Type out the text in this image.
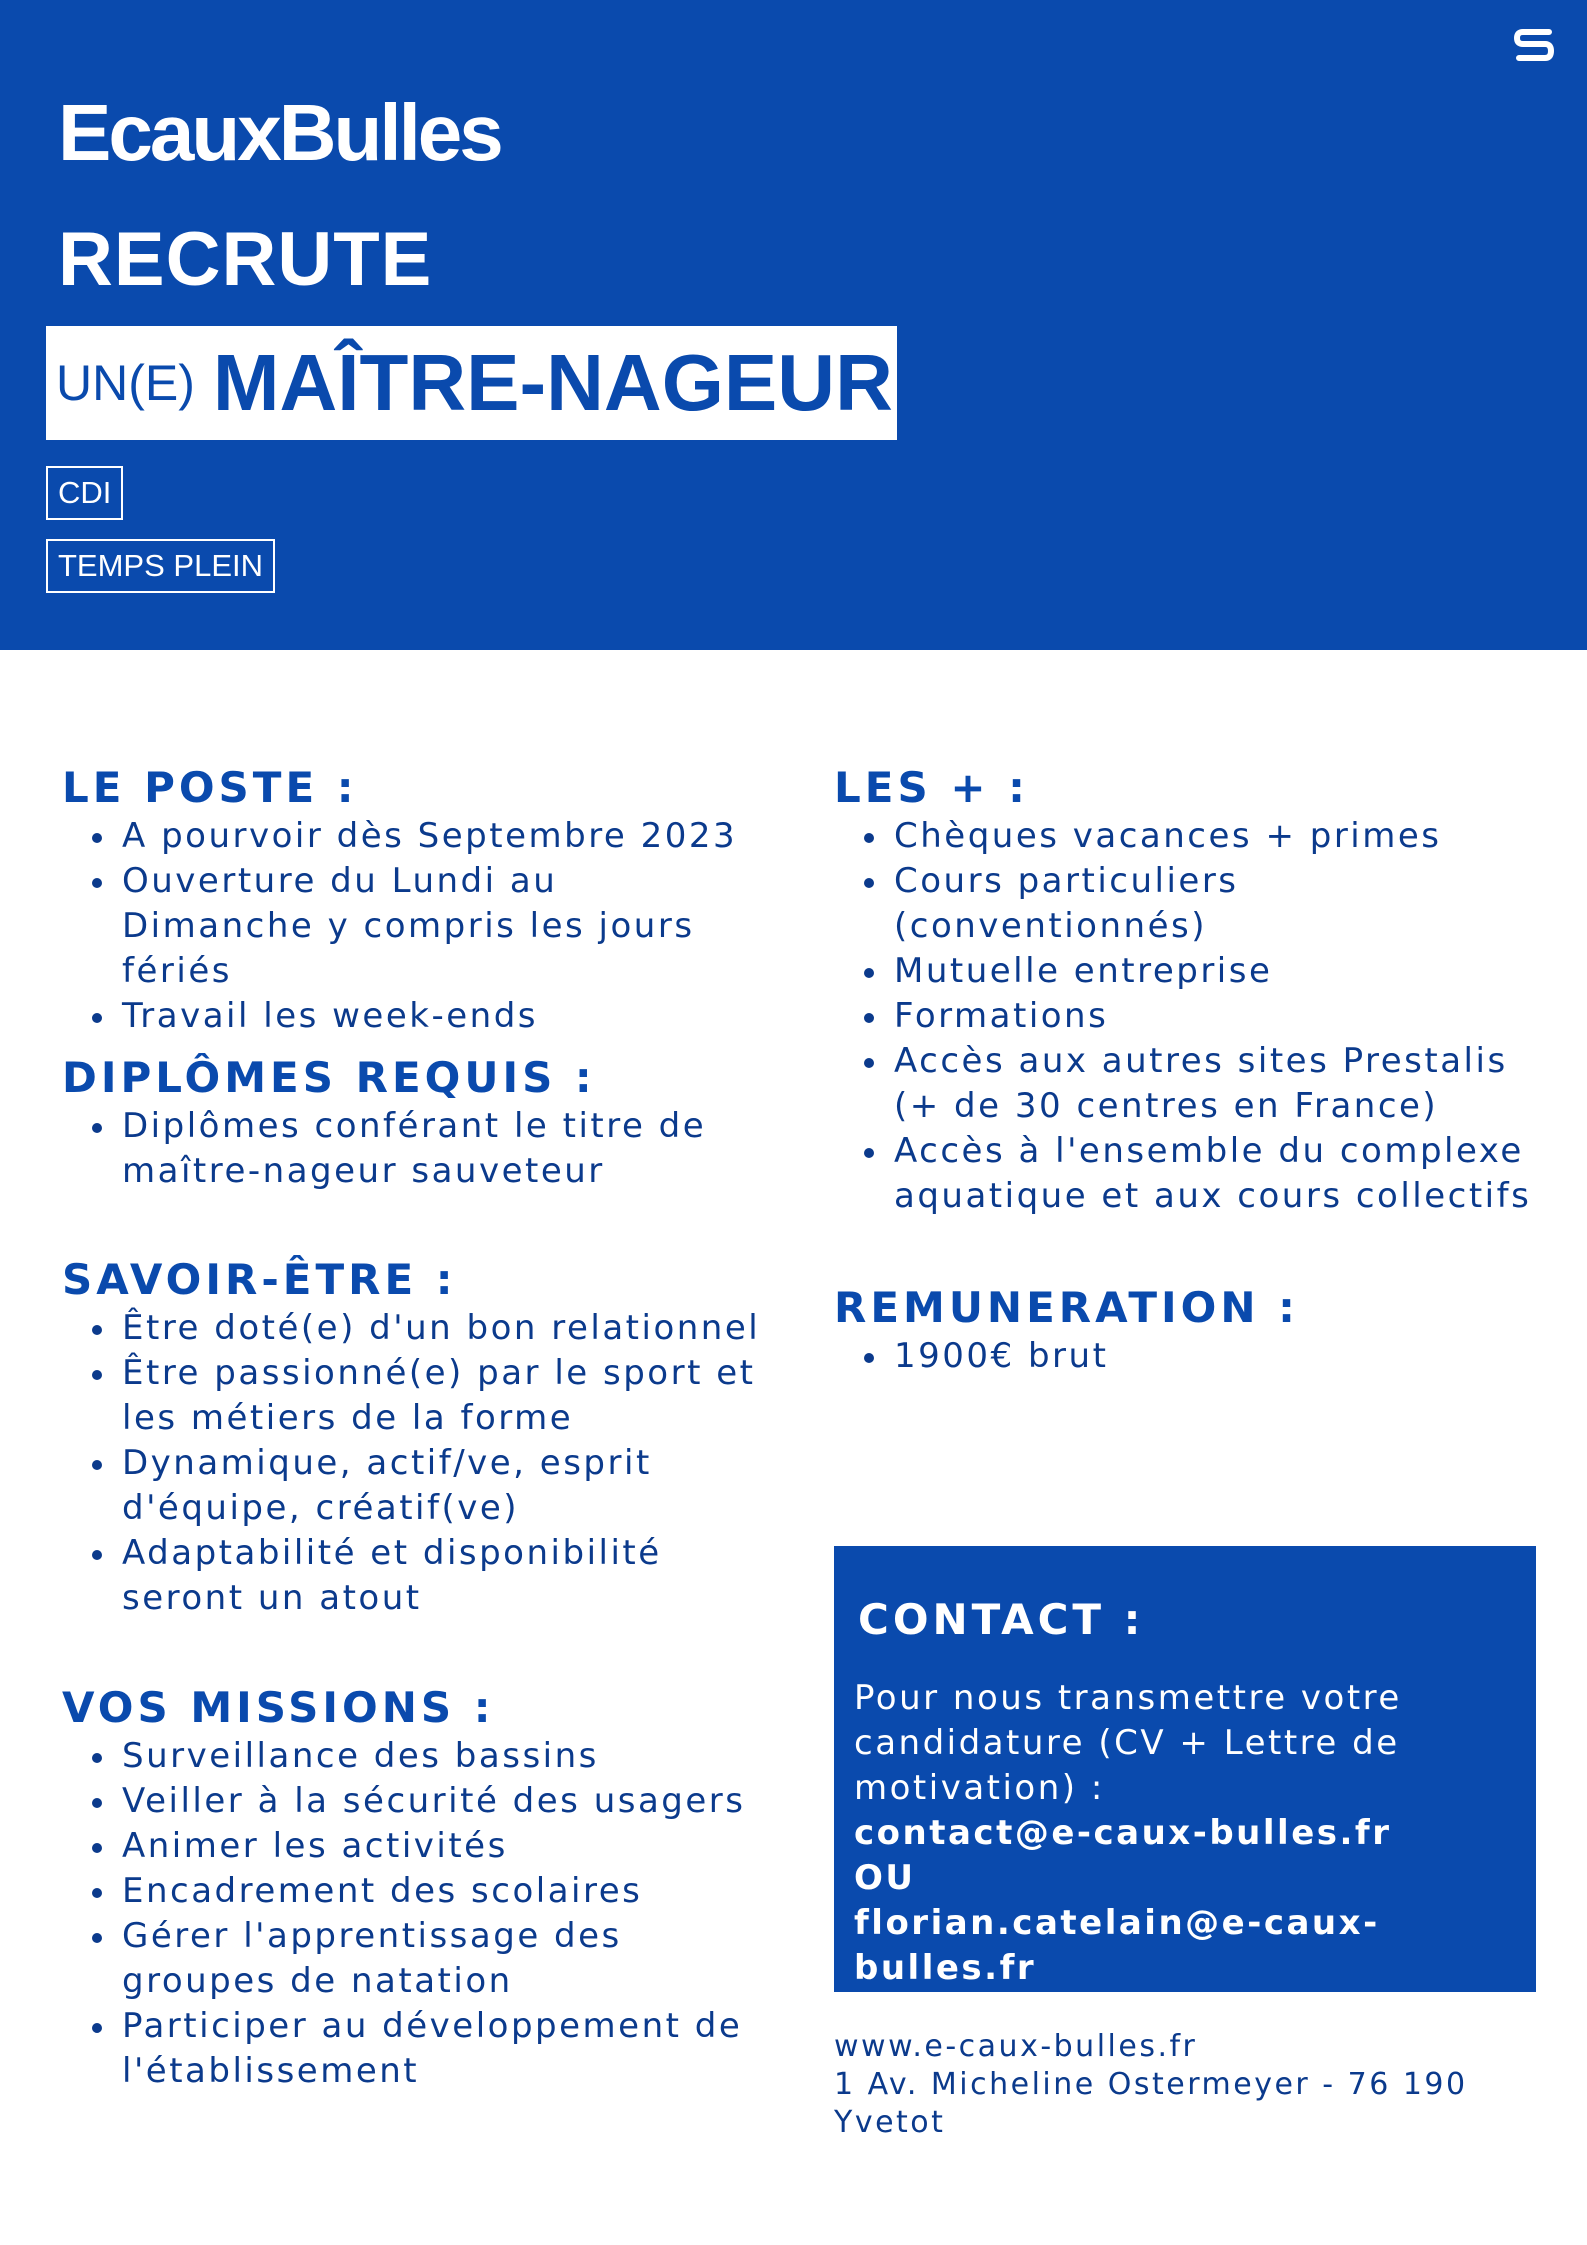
EcauxBulles
RECRUTE
UN(E) MAÎTRE-NAGEUR
CDI
TEMPS PLEIN
LE POSTE :
A pourvoir dès Septembre 2023
Ouverture du Lundi au Dimanche y compris les jours fériés
Travail les week-ends
DIPLÔMES REQUIS :
Diplômes conférant le titre de maître-nageur sauveteur
SAVOIR-ÊTRE :
Être doté(e) d'un bon relationnel
Être passionné(e) par le sport et les métiers de la forme
Dynamique, actif/ve, esprit d'équipe, créatif(ve)
Adaptabilité et disponibilité seront un atout
VOS MISSIONS :
Surveillance des bassins
Veiller à la sécurité des usagers
Animer les activités
Encadrement des scolaires
Gérer l'apprentissage des groupes de natation
Participer au développement de l'établissement
LES + :
Chèques vacances + primes
Cours particuliers (conventionnés)
Mutuelle entreprise
Formations
Accès aux autres sites Prestalis (+ de 30 centres en France)
Accès à l'ensemble du complexe aquatique et aux cours collectifs
REMUNERATION :
1900€ brut
CONTACT :
Pour nous transmettre votre candidature (CV + Lettre de motivation) :
contact@e-caux-bulles.fr
OU
florian.catelain@e-caux-bulles.fr
www.e-caux-bulles.fr
1 Av. Micheline Ostermeyer - 76 190 Yvetot
